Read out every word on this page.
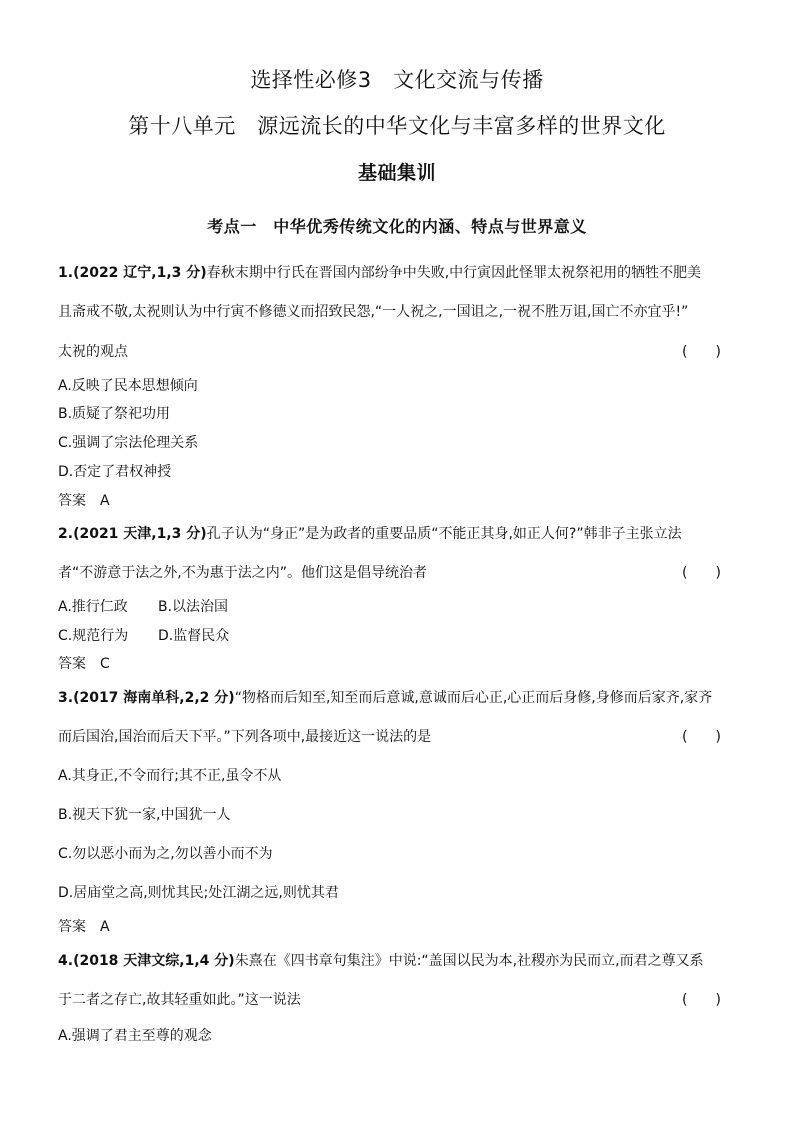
选择性必修3　文化交流与传播
第十八单元　源远流长的中华文化与丰富多样的世界文化
基础集训
考点一　中华优秀传统文化的内涵、特点与世界意义
1.(2022 辽宁,1,3 分)春秋末期中行氏在晋国内部纷争中失败,中行寅因此怪罪太祝祭祀用的牺牲不肥美
且斋戒不敬,太祝则认为中行寅不修德义而招致民怨,“一人祝之,一国诅之,一祝不胜万诅,国亡不亦宜乎!”
太祝的观点	(　　)
A.反映了民本思想倾向
B.质疑了祭祀功用
C.强调了宗法伦理关系
D.否定了君权神授
答案　A
2.(2021 天津,1,3 分)孔子认为“身正”是为政者的重要品质“不能正其身,如正人何?”韩非子主张立法
者“不游意于法之外,不为惠于法之内”。他们这是倡导统治者	(　　)
A.推行仁政 B.以法治国
C.规范行为 D.监督民众
答案　C
3.(2017 海南单科,2,2 分)“物格而后知至,知至而后意诚,意诚而后心正,心正而后身修,身修而后家齐,家齐
而后国治,国治而后天下平。”下列各项中,最接近这一说法的是	(　　)
A.其身正,不令而行;其不正,虽令不从
B.视天下犹一家,中国犹一人
C.勿以恶小而为之,勿以善小而不为
D.居庙堂之高,则忧其民;处江湖之远,则忧其君
答案　A
4.(2018 天津文综,1,4 分)朱熹在《四书章句集注》中说:“盖国以民为本,社稷亦为民而立,而君之尊又系
于二者之存亡,故其轻重如此。”这一说法	(　　)
A.强调了君主至尊的观念
